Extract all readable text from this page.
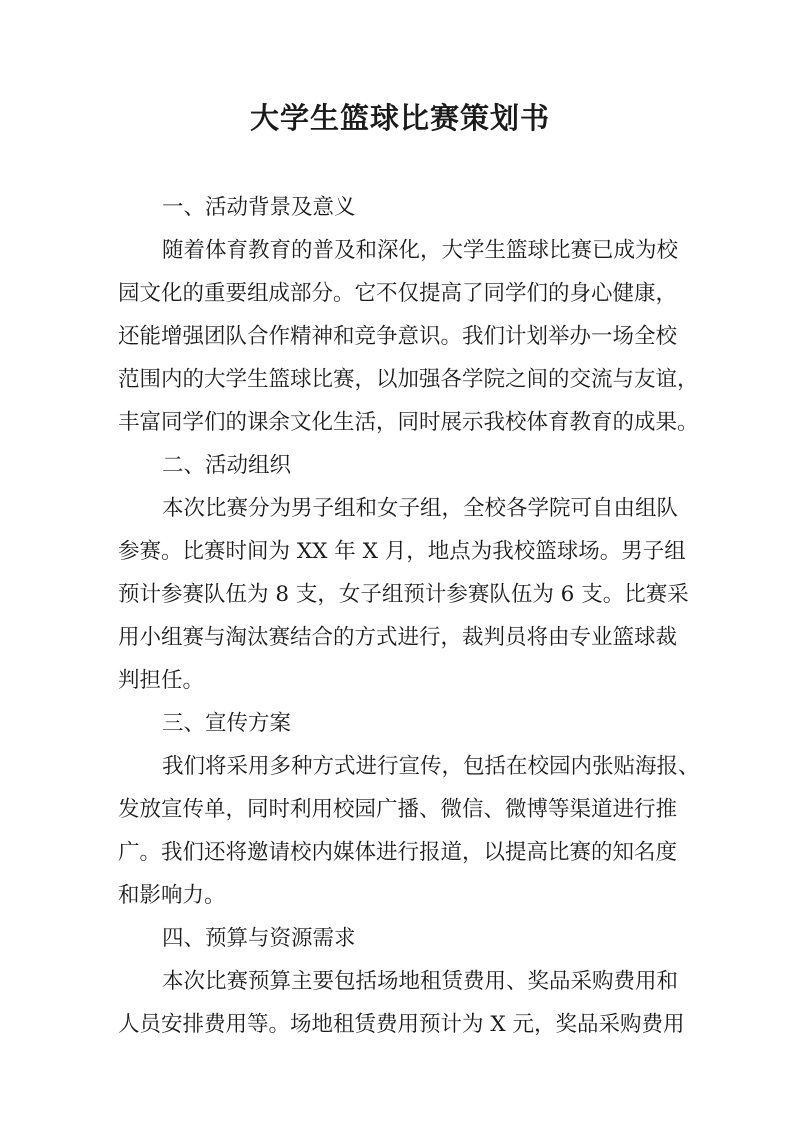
大学生篮球比赛策划书
一、活动背景及意义
随着体育教育的普及和深化，大学生篮球比赛已成为校
园文化的重要组成部分。它不仅提高了同学们的身心健康，
还能增强团队合作精神和竞争意识。我们计划举办一场全校
范围内的大学生篮球比赛，以加强各学院之间的交流与友谊，
丰富同学们的课余文化生活，同时展示我校体育教育的成果。
二、活动组织
本次比赛分为男子组和女子组，全校各学院可自由组队
参赛。比赛时间为 XX 年 X 月，地点为我校篮球场。男子组
预计参赛队伍为 8 支，女子组预计参赛队伍为 6 支。比赛采
用小组赛与淘汰赛结合的方式进行，裁判员将由专业篮球裁
判担任。
三、宣传方案
我们将采用多种方式进行宣传，包括在校园内张贴海报、
发放宣传单，同时利用校园广播、微信、微博等渠道进行推
广。我们还将邀请校内媒体进行报道，以提高比赛的知名度
和影响力。
四、预算与资源需求
本次比赛预算主要包括场地租赁费用、奖品采购费用和
人员安排费用等。场地租赁费用预计为 X 元，奖品采购费用
